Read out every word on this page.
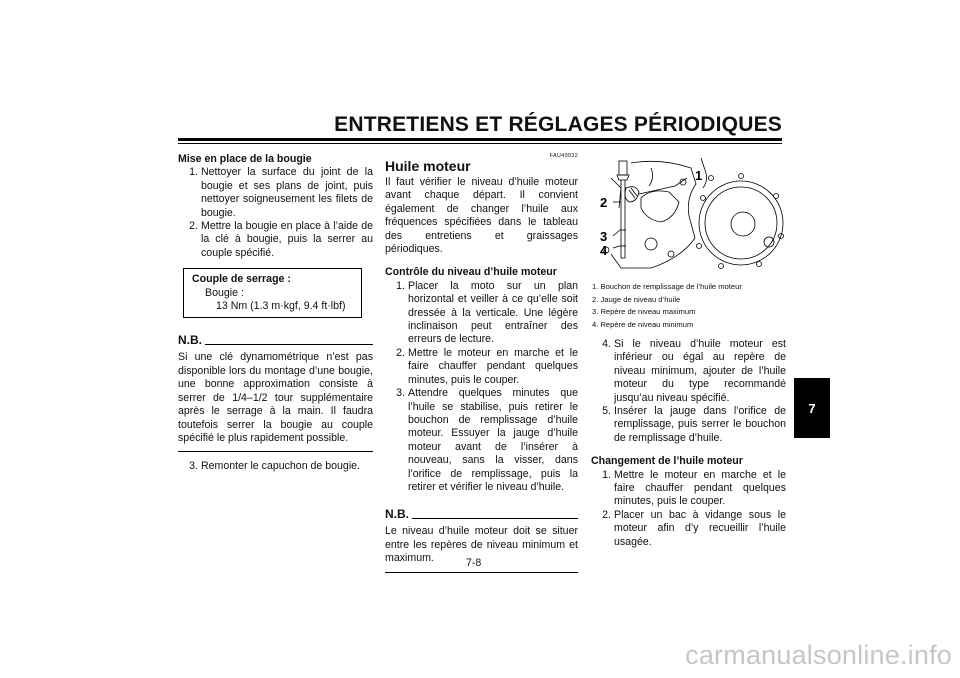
ENTRETIENS ET RÉGLAGES PÉRIODIQUES
Mise en place de la bougie
1. Nettoyer la surface du joint de la bougie et ses plans de joint, puis nettoyer soigneusement les filets de bougie.
2. Mettre la bougie en place à l’aide de la clé à bougie, puis la serrer au couple spécifié.
Couple de serrage :
Bougie :
13 Nm (1.3 m·kgf, 9.4 ft·lbf)
N.B.
Si une clé dynamométrique n’est pas disponible lors du montage d’une bougie, une bonne approximation consiste à serrer de 1/4–1/2 tour supplémentaire après le serrage à la main. Il faudra toutefois serrer la bougie au couple spécifié le plus rapidement possible.
3. Remonter le capuchon de bougie.
FAU49932
Huile moteur
Il faut vérifier le niveau d’huile moteur avant chaque départ. Il convient également de changer l’huile aux fréquences spécifiées dans le tableau des entretiens et graissages périodiques.
Contrôle du niveau d’huile moteur
1. Placer la moto sur un plan horizontal et veiller à ce qu’elle soit dressée à la verticale. Une légère inclinaison peut entraîner des erreurs de lecture.
2. Mettre le moteur en marche et le faire chauffer pendant quelques minutes, puis le couper.
3. Attendre quelques minutes que l’huile se stabilise, puis retirer le bouchon de remplissage d’huile moteur. Essuyer la jauge d’huile moteur avant de l’insérer à nouveau, sans la visser, dans l’orifice de remplissage, puis la retirer et vérifier le niveau d’huile.
N.B.
Le niveau d’huile moteur doit se situer entre les repères de niveau minimum et maximum.
1
2
3
4
1. Bouchon de remplissage de l’huile moteur
2. Jauge de niveau d’huile
3. Repère de niveau maximum
4. Repère de niveau minimum
4. Si le niveau d’huile moteur est inférieur ou égal au repère de niveau minimum, ajouter de l’huile moteur du type recommandé jusqu’au niveau spécifié.
5. Insérer la jauge dans l’orifice de remplissage, puis serrer le bouchon de remplissage d’huile.
Changement de l’huile moteur
1. Mettre le moteur en marche et le faire chauffer pendant quelques minutes, puis le couper.
2. Placer un bac à vidange sous le moteur afin d’y recueillir l’huile usagée.
7
7-8
carmanualsonline.info
